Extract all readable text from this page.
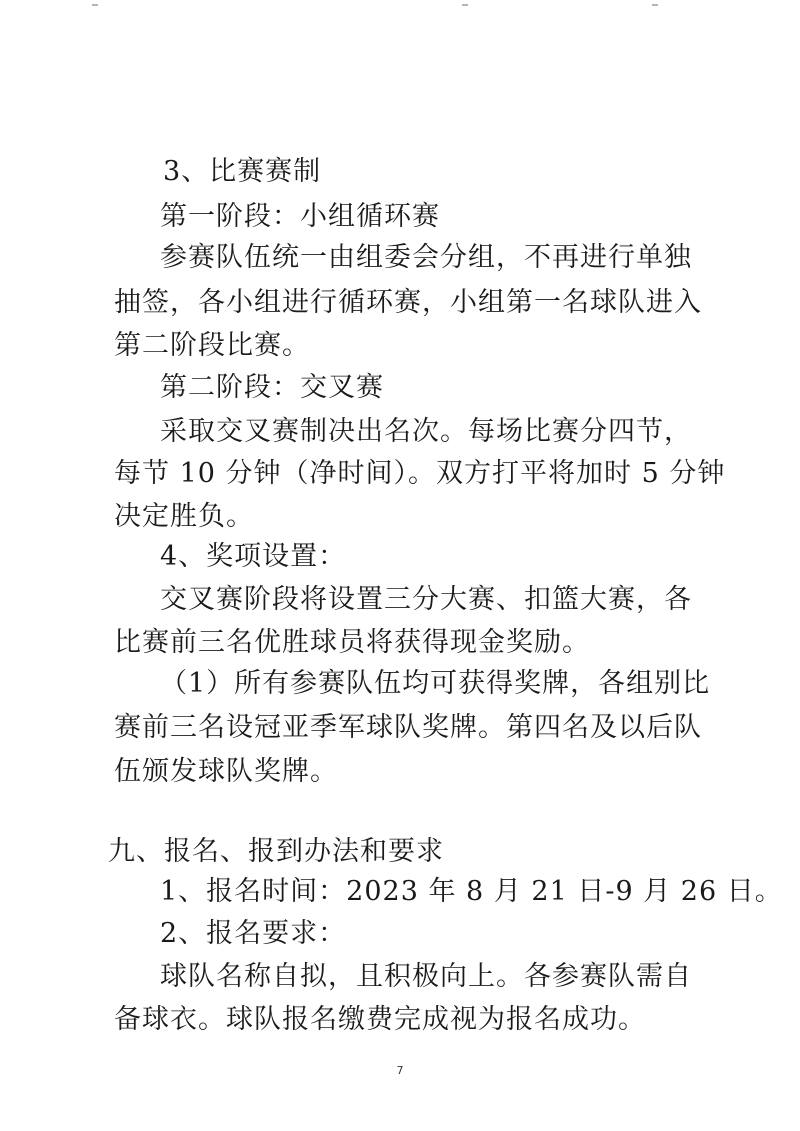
3、比赛赛制
第一阶段：小组循环赛
参赛队伍统一由组委会分组，不再进行单独
抽签，各小组进行循环赛，小组第一名球队进入
第二阶段比赛。
第二阶段：交叉赛
采取交叉赛制决出名次。每场比赛分四节，
每节 10 分钟（净时间）。双方打平将加时 5 分钟
决定胜负。
4、奖项设置：
交叉赛阶段将设置三分大赛、扣篮大赛，各
比赛前三名优胜球员将获得现金奖励。
（1）所有参赛队伍均可获得奖牌，各组别比
赛前三名设冠亚季军球队奖牌。第四名及以后队
伍颁发球队奖牌。
九、报名、报到办法和要求
1、报名时间：2023 年 8 月 21 日-9 月 26 日。
2、报名要求：
球队名称自拟，且积极向上。各参赛队需自
备球衣。球队报名缴费完成视为报名成功。
7
